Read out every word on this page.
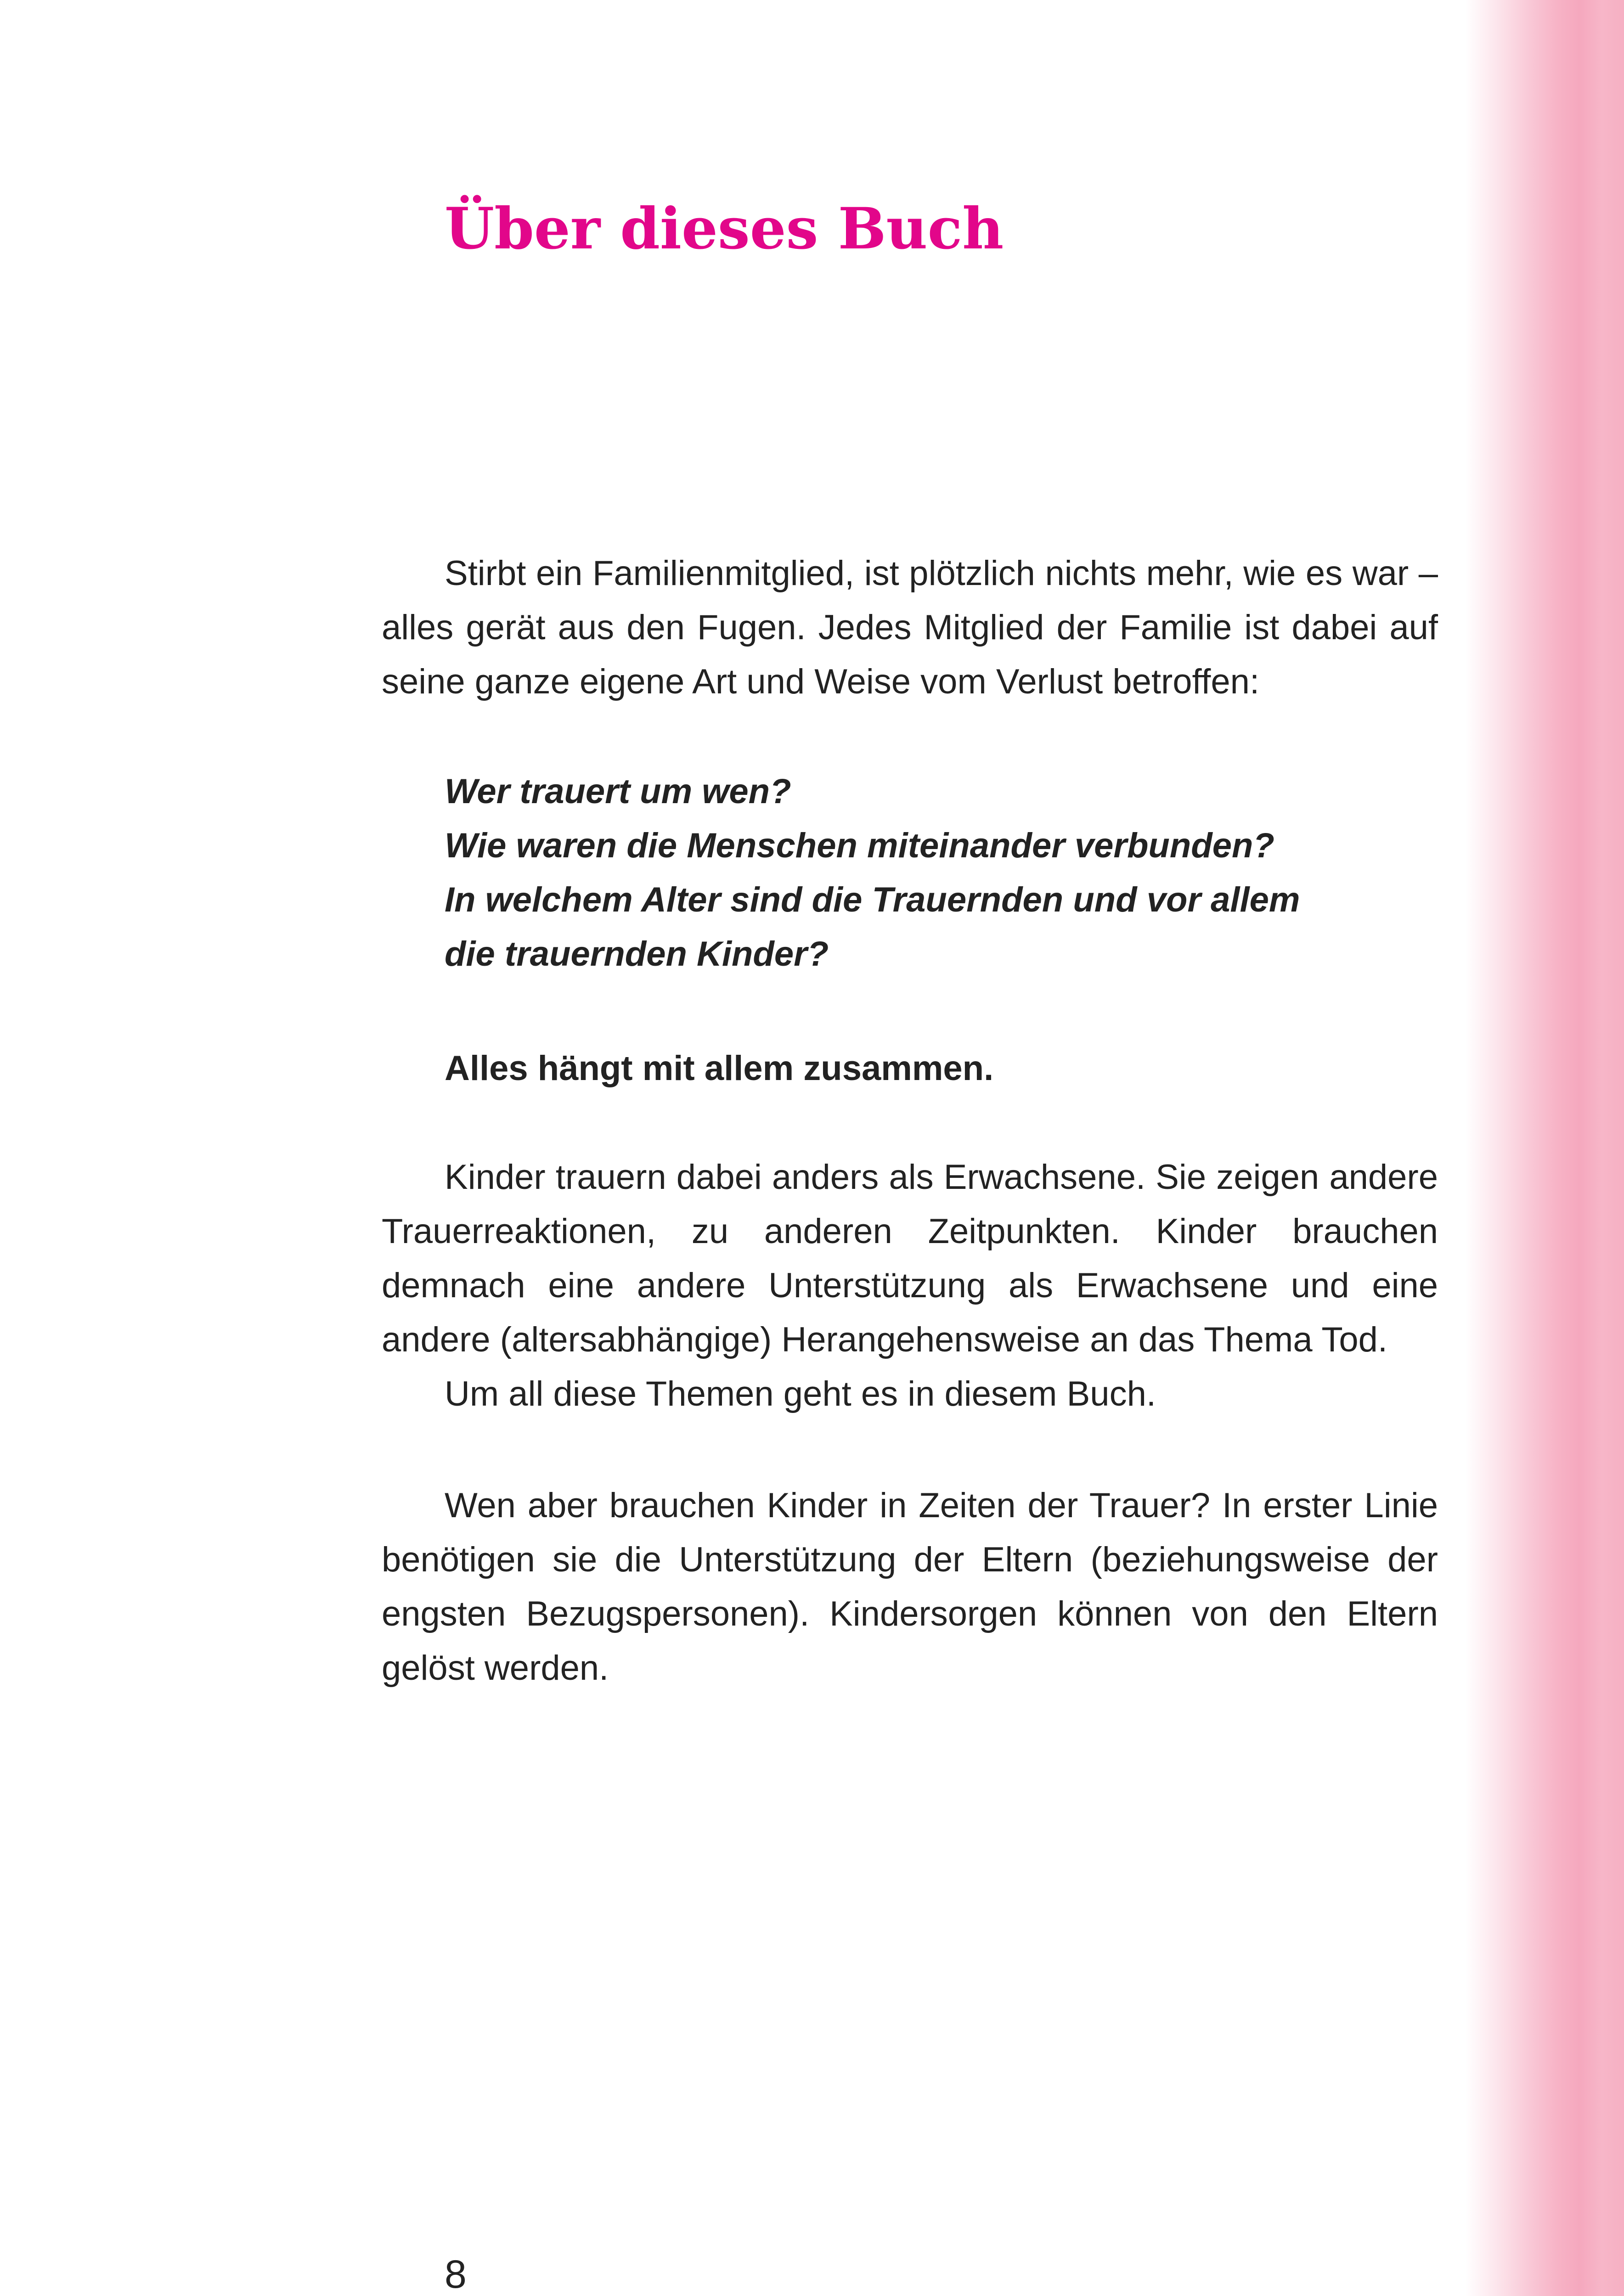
Über dieses Buch

Stirbt ein Familienmitglied, ist plötzlich nichts mehr, wie es war – alles gerät aus den Fugen. Jedes Mitglied der Familie ist dabei auf seine ganze eigene Art und Weise vom Verlust betroffen:

Wer trauert um wen?
Wie waren die Menschen miteinander verbunden?
In welchem Alter sind die Trauernden und vor allem
die trauernden Kinder?

Alles hängt mit allem zusammen.

Kinder trauern dabei anders als Erwachsene. Sie zeigen andere Trauerreaktionen, zu anderen Zeitpunkten. Kinder brauchen demnach eine andere Unterstützung als Erwachsene und eine andere (altersabhängige) Herangehensweise an das Thema Tod.

Um all diese Themen geht es in diesem Buch.

Wen aber brauchen Kinder in Zeiten der Trauer? In erster Linie benötigen sie die Unterstützung der Eltern (beziehungsweise der engsten Bezugspersonen). Kindersorgen können von den Eltern gelöst werden.

8
